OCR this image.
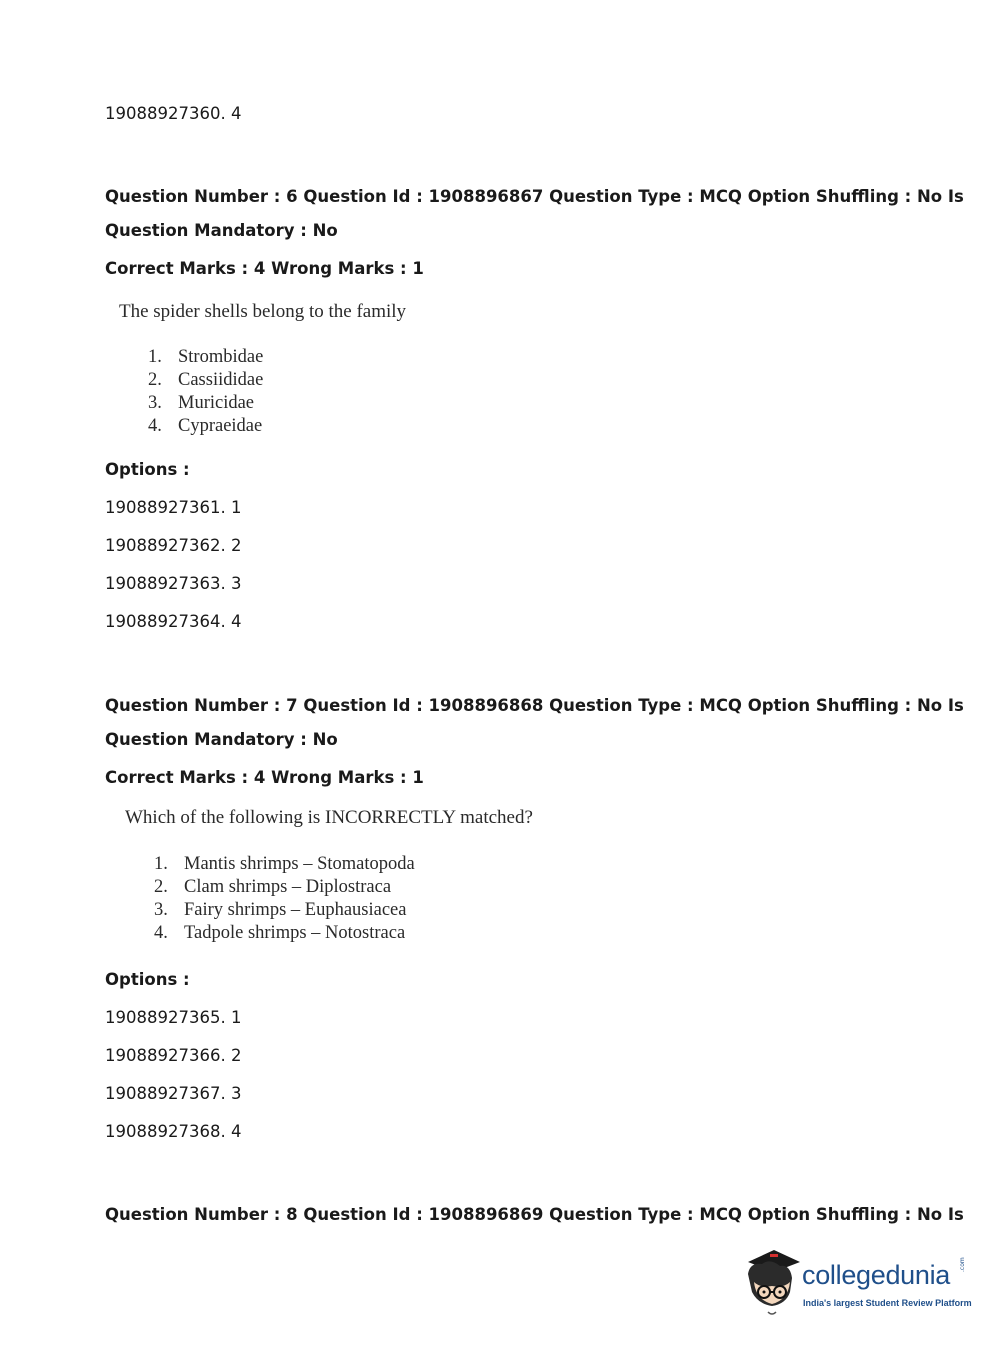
19088927360. 4
Question Number : 6 Question Id : 1908896867 Question Type : MCQ Option Shuffling : No Is
Question Mandatory : No
Correct Marks : 4 Wrong Marks : 1
The spider shells belong to the family
1. Strombidae
2. Cassiididae
3. Muricidae
4. Cypraeidae
Options :
19088927361. 1
19088927362. 2
19088927363. 3
19088927364. 4
Question Number : 7 Question Id : 1908896868 Question Type : MCQ Option Shuffling : No Is
Question Mandatory : No
Correct Marks : 4 Wrong Marks : 1
Which of the following is INCORRECTLY matched?
1. Mantis shrimps – Stomatopoda
2. Clam shrimps – Diplostraca
3. Fairy shrimps – Euphausiacea
4. Tadpole shrimps – Notostraca
Options :
19088927365. 1
19088927366. 2
19088927367. 3
19088927368. 4
Question Number : 8 Question Id : 1908896869 Question Type : MCQ Option Shuffling : No Is
collegedunia .com
India's largest Student Review Platform
